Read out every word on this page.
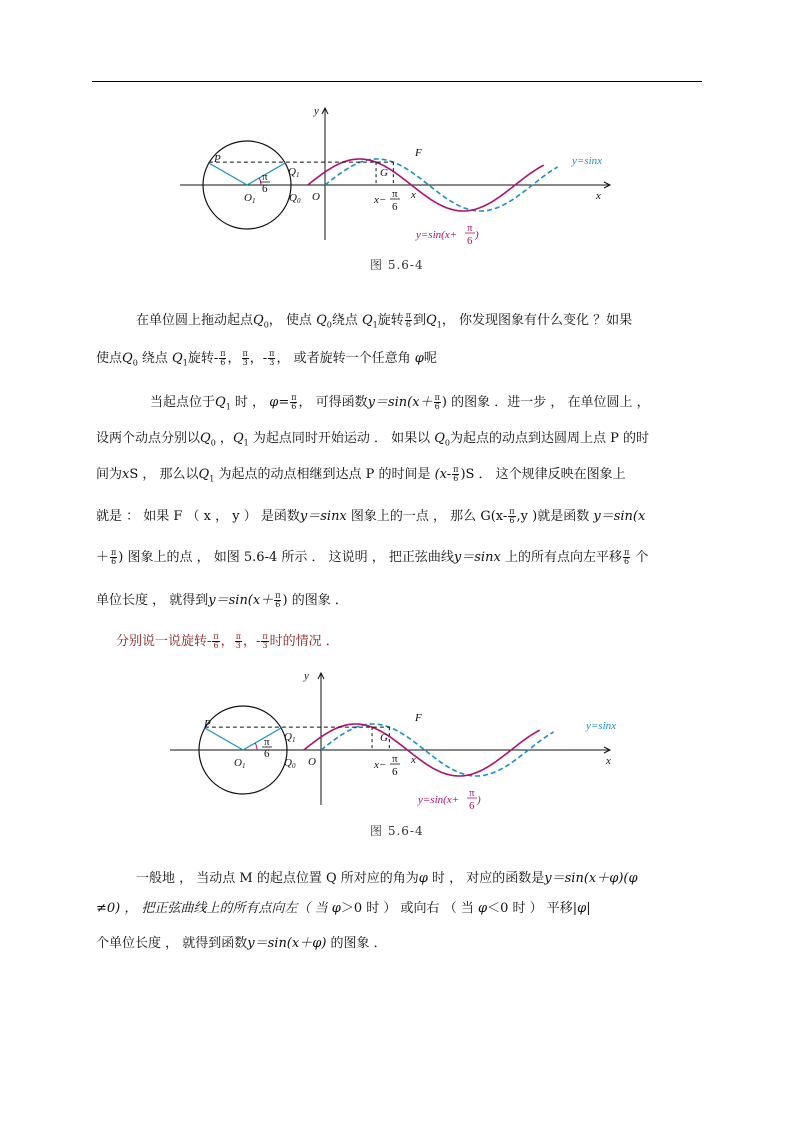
y
x
P
O1
Q1
Q0 O
F
G
x
x− π
6
π
6
y=sinx
y=sin(x+
π
6 )
图 5.6-4
在单位圆上拖动起点$Q_0$， 使点 $Q_0$绕点 $Q_1$旋转 $\frac{\pi}{6}$ 到$Q_1$， 你发现图象有什么变化 ？如果
使点$Q_0$ 绕点 $Q_1$旋转- $\frac{\pi}{6}$ ， $\frac{\pi}{3}$ ，- $\frac{\pi}{3}$ ， 或者旋转一个任意角 φ呢
当起点位于$Q_1$ 时 ， $\varphi= \frac{\pi}{6}$ ， 可得函数$y=\sin(x+ \frac{\pi}{6}$ ) 的图象 ．进一步 ， 在单位圆上 ，
设两个动点分别以$Q_0$ ，$Q_1$ 为起点同时开始运动 ． 如果以 $Q_0$为起点的动点到达圆周上点 P 的时
间为xS ， 那么以$Q_1$ 为起点的动点相继到达点 P 的时间是 $(x- \frac{\pi}{6} )S$ ． 这个规律反映在图象上
就是 ： 如果 F （ x ， y ） 是函数y＝sinx 图象上的一点 ， 那么 $G(x- \frac{\pi}{6} ,y$ )就是函数 y＝sin(x
＋ $\frac{\pi}{6}$ ) 图象上的点 ， 如图 5.6-4 所示 ． 这说明 ， 把正弦曲线y＝sinx 上的所有点向左平移 $\frac{\pi}{6}$ 个
单位长度 ， 就得到$y=\sin(x+ \frac{\pi}{6}$ ) 的图象 ．
分别说一说旋转- $\frac{\pi}{6}$ ， $\frac{\pi}{3}$ ，- $\frac{\pi}{3}$ 时的情况 ．
y
x
P
O1
Q1
Q0 O
F
G
x
x− π
6
π
6
y=sinx
y=sin(x+
π
6 )
图 5.6-4
一般地 ， 当动点 M 的起点位置 Q 所对应的角为φ 时 ， 对应的函数是y＝sin(x＋φ)(φ
≠0) ， 把正弦曲线上的所有点向左（ 当 φ＞0 时 ） 或向右 （ 当 φ＜0 时 ） 平移|φ|
个单位长度 ， 就得到函数y＝sin(x＋φ) 的图象 ．
